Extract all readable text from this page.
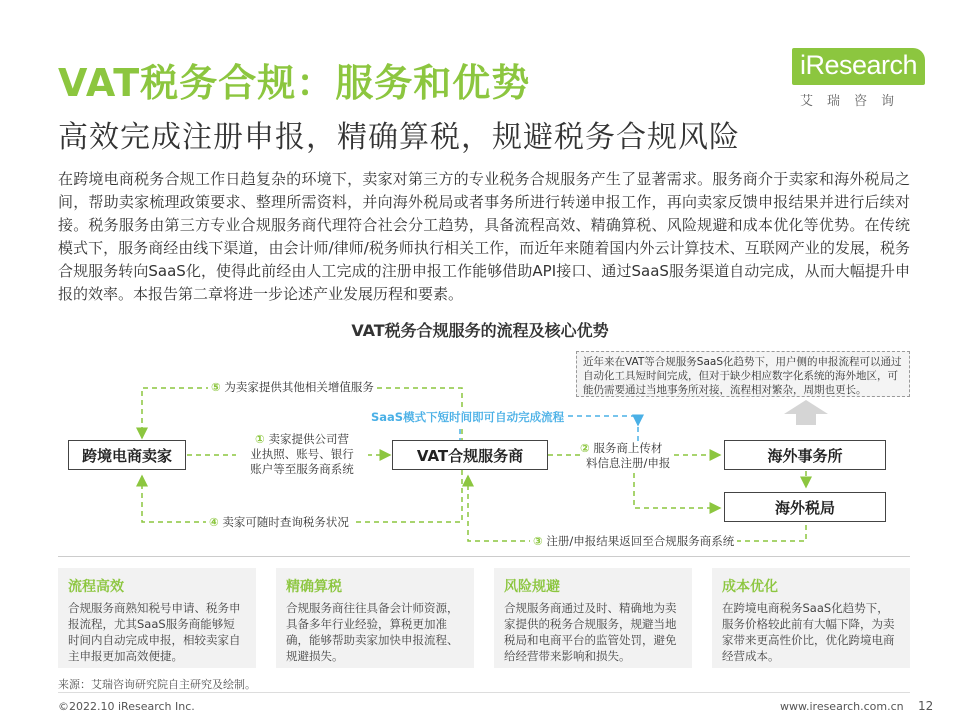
VAT税务合规：服务和优势
高效完成注册申报，精确算税，规避税务合规风险
iResearch
艾瑞咨询
在跨境电商税务合规工作日趋复杂的环境下，卖家对第三方的专业税务合规服务产生了显著需求。服务商介于卖家和海外税局之间，帮助卖家梳理政策要求、整理所需资料，并向海外税局或者事务所进行转递申报工作，再向卖家反馈申报结果并进行后续对接。税务服务由第三方专业合规服务商代理符合社会分工趋势，具备流程高效、精确算税、风险规避和成本优化等优势。在传统模式下，服务商经由线下渠道，由会计师/律师/税务师执行相关工作，而近年来随着国内外云计算技术、互联网产业的发展，税务合规服务转向SaaS化，使得此前经由人工完成的注册申报工作能够借助API接口、通过SaaS服务渠道自动完成，从而大幅提升申报的效率。本报告第二章将进一步论述产业发展历程和要素。
VAT税务合规服务的流程及核心优势
近年来在VAT等合规服务SaaS化趋势下，用户侧的申报流程可以通过自动化工具短时间完成，但对于缺少相应数字化系统的海外地区，可能仍需要通过当地事务所对接，流程相对繁杂，周期也更长。
跨境电商卖家	VAT合规服务商	海外事务所
海外税局
SaaS模式下短时间即可自动完成流程
⑤ 为卖家提供其他相关增值服务
① 卖家提供公司营
业执照、账号、银行
账户等至服务商系统
② 服务商上传材
料信息注册/申报
④ 卖家可随时查询税务状况
③ 注册/申报结果返回至合规服务商系统
流程高效
合规服务商熟知税号申请、税务申报流程，尤其SaaS服务商能够短时间内自动完成申报，相较卖家自主申报更加高效便捷。
精确算税
合规服务商往往具备会计师资源，具备多年行业经验，算税更加准确，能够帮助卖家加快申报流程、规避损失。
风险规避
合规服务商通过及时、精确地为卖家提供的税务合规服务，规避当地税局和电商平台的监管处罚，避免给经营带来影响和损失。
成本优化
在跨境电商税务SaaS化趋势下，服务价格较此前有大幅下降，为卖家带来更高性价比，优化跨境电商经营成本。
来源：艾瑞咨询研究院自主研究及绘制。
©2022.10 iResearch Inc.	www.iresearch.com.cn 12
